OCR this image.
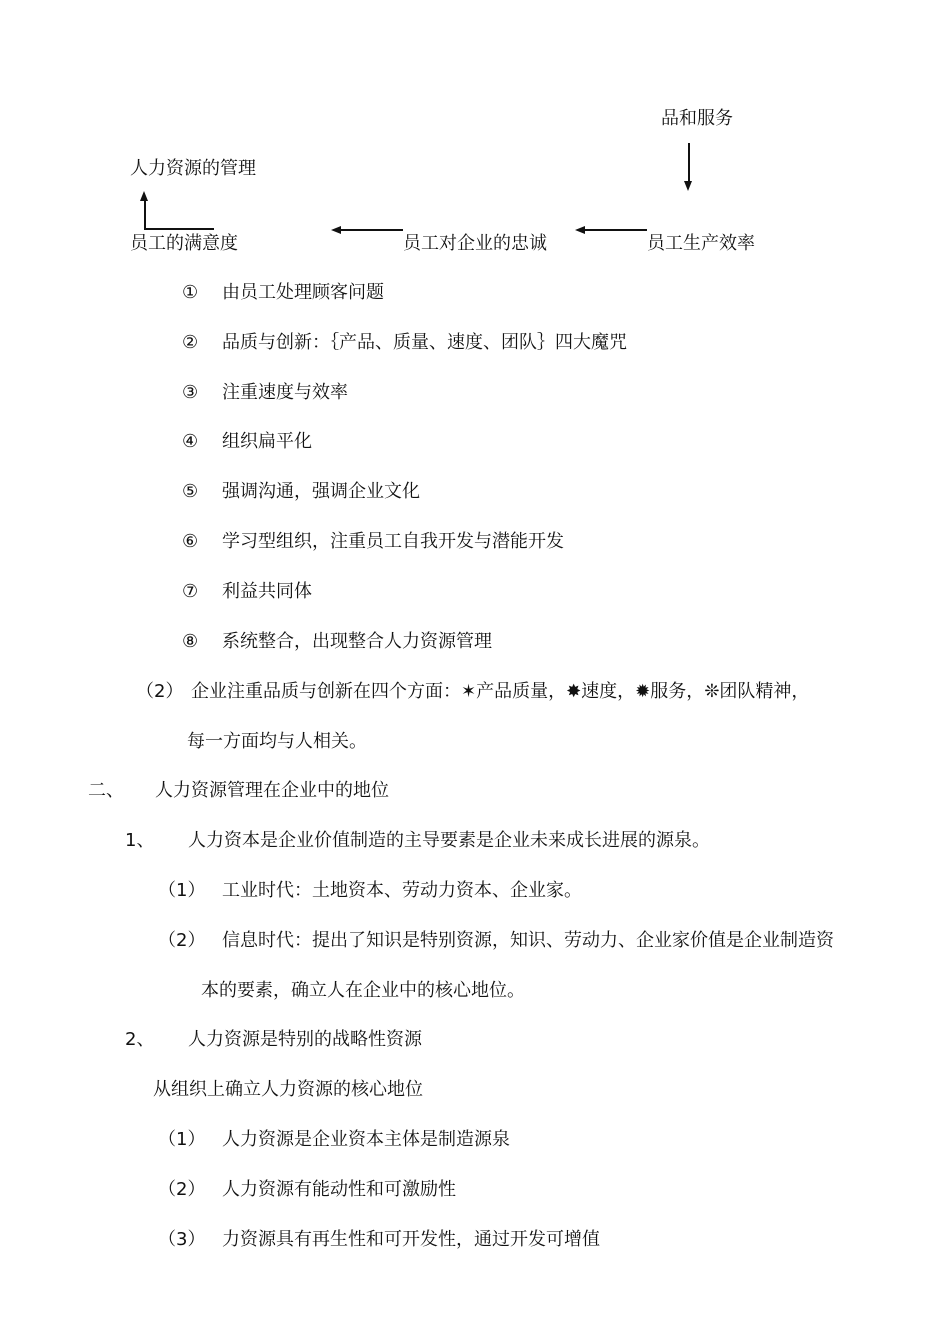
品和服务
人力资源的管理
员工的满意度	员工对企业的忠诚	员工生产效率
① 由员工处理顾客问题
② 品质与创新：｛产品、质量、速度、团队｝四大魔咒
③ 注重速度与效率
④ 组织扁平化
⑤ 强调沟通，强调企业文化
⑥ 学习型组织，注重员工自我开发与潜能开发
⑦ 利益共同体
⑧ 系统整合，出现整合人力资源管理
（2） 企业注重品质与创新在四个方面：✶产品质量，✸速度，✹服务，❊团队精神，
每一方面均与人相关。
二、 人力资源管理在企业中的地位
1、 人力资本是企业价值制造的主导要素是企业未来成长进展的源泉。
（1） 工业时代：土地资本、劳动力资本、企业家。
（2） 信息时代：提出了知识是特别资源，知识、劳动力、企业家价值是企业制造资
本的要素，确立人在企业中的核心地位。
2、 人力资源是特别的战略性资源
从组织上确立人力资源的核心地位
（1） 人力资源是企业资本主体是制造源泉
（2） 人力资源有能动性和可激励性
（3） 力资源具有再生性和可开发性，通过开发可增值
